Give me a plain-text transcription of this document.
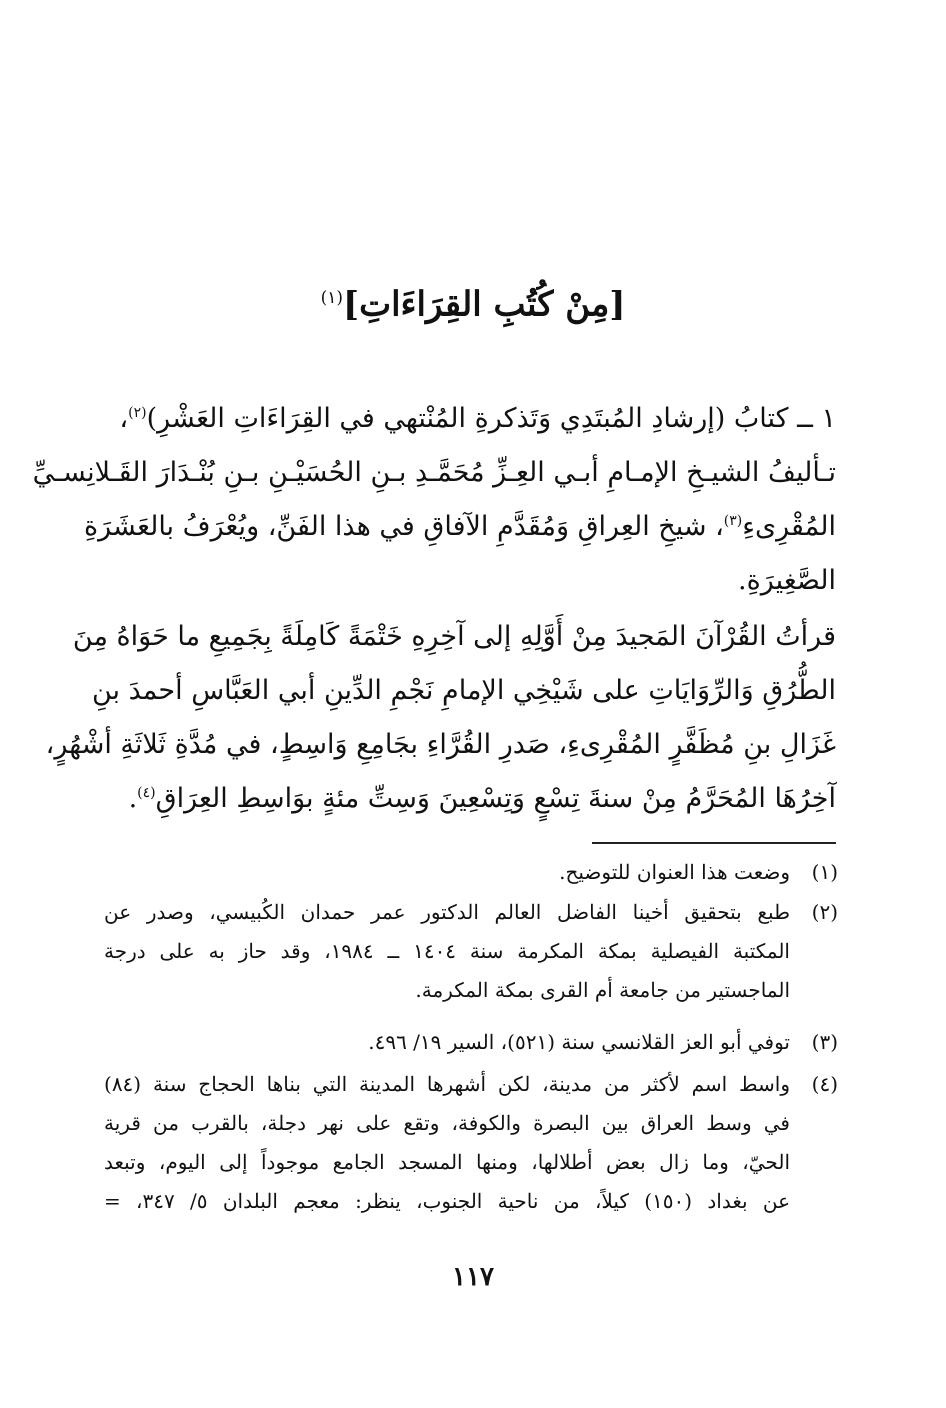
[مِنْ كُتُبِ القِرَاءَاتِ]$^{(١)}$
١ ــ كتابُ (إرشادِ المُبتَدِي وَتَذكرةِ المُنْتهي في القِرَاءَاتِ العَشْرِ)$^{(٢)}$،
تـأليفُ الشيـخِ الإمـامِ أبـي العِـزِّ مُحَمَّـدِ بـنِ الحُسَيْـنِ بـنِ بُنْـدَارَ القَـلانِسـيِّ
المُقْرِىءِ$^{(٣)}$، شيخِ العِراقِ وَمُقَدَّمِ الآفاقِ في هذا الفَنِّ، ويُعْرَفُ بالعَشَرَةِ
الصَّغِيرَةِ.
قرأتُ القُرْآنَ المَجيدَ مِنْ أَوَّلِهِ إلى آخِرِهِ خَتْمَةً كَامِلَةً بِجَمِيعِ ما حَوَاهُ مِنَ
الطُّرُقِ وَالرِّوَايَاتِ على شَيْخِي الإمامِ نَجْمِ الدِّينِ أبي العَبَّاسِ أحمدَ بنِ
غَزَالِ بنِ مُظَفَّرٍ المُقْرِىءِ، صَدرِ القُرَّاءِ بجَامِعِ وَاسِطٍ، في مُدَّةِ ثَلاثَةِ أشْهُرٍ،
آخِرُهَا المُحَرَّمُ مِنْ سنةَ تِسْعٍ وَتِسْعِينَ وَسِتِّ مئةٍ بوَاسِطِ العِرَاقِ$^{(٤)}$.
(١)
وضعت هذا العنوان للتوضيح.
(٢)
طبع بتحقيق أخينا الفاضل العالم الدكتور عمر حمدان الكُبيسي، وصدر عن
المكتبة الفيصلية بمكة المكرمة سنة ١٤٠٤ ــ ١٩٨٤، وقد حاز به على درجة
الماجستير من جامعة أم القرى بمكة المكرمة.
(٣)
توفي أبو العز القلانسي سنة (٥٢١)، السير ١٩/ ٤٩٦.
(٤)
واسط اسم لأكثر من مدينة، لكن أشهرها المدينة التي بناها الحجاج سنة (٨٤)
في وسط العراق بين البصرة والكوفة، وتقع على نهر دجلة، بالقرب من قرية
الحيّ، وما زال بعض أطلالها، ومنها المسجد الجامع موجوداً إلى اليوم، وتبعد
عن بغداد (١٥٠) كيلاً، من ناحية الجنوب، ينظر: معجم البلدان ٥/ ٣٤٧، =
١١٧
